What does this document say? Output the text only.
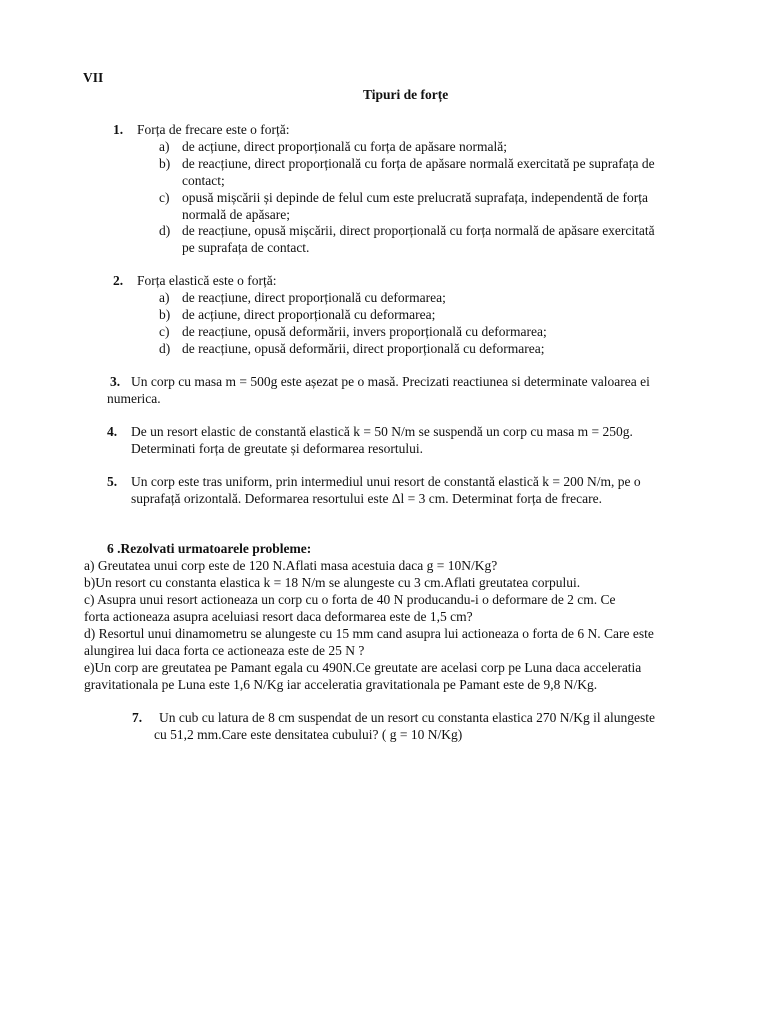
VII
Tipuri de forțe
1. Forța de frecare este o forță:
a) de acțiune, direct proporțională cu forța de apăsare normală;
b) de reacțiune, direct proporțională cu forța de apăsare normală exercitată pe suprafața de
contact;
c) opusă mișcării și depinde de felul cum este prelucrată suprafața, independentă de forța
normală de apăsare;
d) de reacțiune, opusă mișcării, direct proporțională cu forța normală de apăsare exercitată
pe suprafața de contact.
2. Forța elastică este o forță:
a) de reacțiune, direct proporțională cu deformarea;
b) de acțiune, direct proporțională cu deformarea;
c) de reacțiune, opusă deformării, invers proporțională cu deformarea;
d) de reacțiune, opusă deformării, direct proporțională cu deformarea;
3. Un corp cu masa m = 500g este așezat pe o masă. Precizati reactiunea si determinate valoarea ei
numerica.
4. De un resort elastic de constantă elastică k = 50 N/m se suspendă un corp cu masa m = 250g.
Determinati forța de greutate și deformarea resortului.
5. Un corp este tras uniform, prin intermediul unui resort de constantă elastică k = 200 N/m, pe o
suprafață orizontală. Deformarea resortului este Δl = 3 cm. Determinat forța de frecare.
6 .Rezolvati urmatoarele probleme:
a) Greutatea unui corp este de 120 N.Aflati masa acestuia daca g = 10N/Kg?
b)Un resort cu constanta elastica k = 18 N/m se alungeste cu 3 cm.Aflati greutatea corpului.
c) Asupra unui resort actioneaza un corp cu o forta de 40 N producandu-i o deformare de 2 cm. Ce
forta actioneaza asupra aceluiasi resort daca deformarea este de 1,5 cm?
d) Resortul unui dinamometru se alungeste cu 15 mm cand asupra lui actioneaza o forta de 6 N. Care este
alungirea lui daca forta ce actioneaza este de 25 N ?
e)Un corp are greutatea pe Pamant egala cu 490N.Ce greutate are acelasi corp pe Luna daca acceleratia
gravitationala pe Luna este 1,6 N/Kg iar acceleratia gravitationala pe Pamant este de 9,8 N/Kg.
7. Un cub cu latura de 8 cm suspendat de un resort cu constanta elastica 270 N/Kg il alungeste
cu 51,2 mm.Care este densitatea cubului? ( g = 10 N/Kg)
